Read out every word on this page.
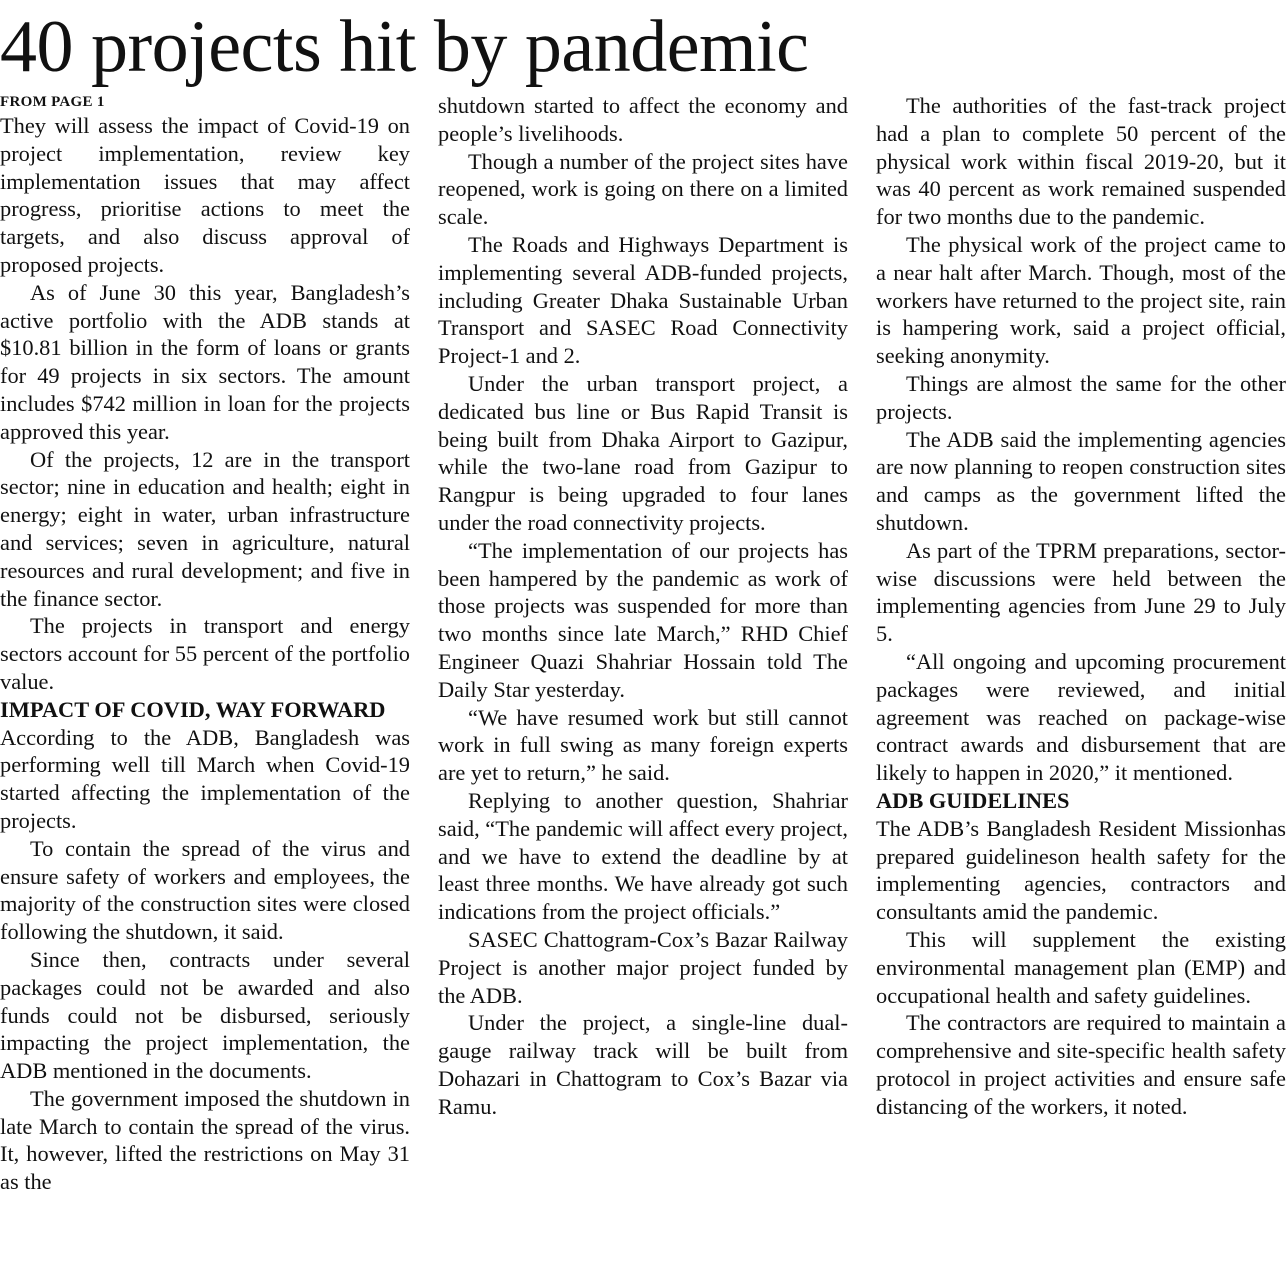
40 projects hit by pandemic

FROM PAGE 1

They will assess the impact of Covid-19 on project implementation, review key implementation issues that may affect progress, prioritise actions to meet the targets, and also discuss approval of proposed projects.

As of June 30 this year, Bangladesh’s active portfolio with the ADB stands at $10.81 billion in the form of loans or grants for 49 projects in six sectors. The amount includes $742 million in loan for the projects approved this year.

Of the projects, 12 are in the transport sector; nine in education and health; eight in energy; eight in water, urban infrastructure and services; seven in agriculture, natural resources and rural development; and five in the finance sector.

The projects in transport and energy sectors account for 55 percent of the portfolio value.

IMPACT OF COVID, WAY FORWARD

According to the ADB, Bangladesh was performing well till March when Covid-19 started affecting the implementation of the projects.

To contain the spread of the virus and ensure safety of workers and employees, the majority of the construction sites were closed following the shutdown, it said.

Since then, contracts under several packages could not be awarded and also funds could not be disbursed, seriously impacting the project implementation, the ADB mentioned in the documents.

The government imposed the shutdown in late March to contain the spread of the virus. It, however, lifted the restrictions on May 31 as the

shutdown started to affect the economy and people’s livelihoods.

Though a number of the project sites have reopened, work is going on there on a limited scale.

The Roads and Highways Department is implementing several ADB-funded projects, including Greater Dhaka Sustainable Urban Transport and SASEC Road Connectivity Project-1 and 2.

Under the urban transport project, a dedicated bus line or Bus Rapid Transit is being built from Dhaka Airport to Gazipur, while the two-lane road from Gazipur to Rangpur is being upgraded to four lanes under the road connectivity projects.

“The implementation of our projects has been hampered by the pandemic as work of those projects was suspended for more than two months since late March,” RHD Chief Engineer Quazi Shahriar Hossain told The Daily Star yesterday.

“We have resumed work but still cannot work in full swing as many foreign experts are yet to return,” he said.

Replying to another question, Shahriar said, “The pandemic will affect every project, and we have to extend the deadline by at least three months. We have already got such indications from the project officials.”

SASEC Chattogram-Cox’s Bazar Railway Project is another major project funded by the ADB.

Under the project, a single-line dual-gauge railway track will be built from Dohazari in Chattogram to Cox’s Bazar via Ramu.

The authorities of the fast-track project had a plan to complete 50 percent of the physical work within fiscal 2019-20, but it was 40 percent as work remained suspended for two months due to the pandemic.

The physical work of the project came to a near halt after March. Though, most of the workers have returned to the project site, rain is hampering work, said a project official, seeking anonymity.

Things are almost the same for the other projects.

The ADB said the implementing agencies are now planning to reopen construction sites and camps as the government lifted the shutdown.

As part of the TPRM preparations, sector-wise discussions were held between the implementing agencies from June 29 to July 5.

“All ongoing and upcoming procurement packages were reviewed, and initial agreement was reached on package-wise contract awards and disbursement that are likely to happen in 2020,” it mentioned.

ADB GUIDELINES

The ADB’s Bangladesh Resident Missionhas prepared guidelineson health safety for the implementing agencies, contractors and consultants amid the pandemic.

This will supplement the existing environmental management plan (EMP) and occupational health and safety guidelines.

The contractors are required to maintain a comprehensive and site-specific health safety protocol in project activities and ensure safe distancing of the workers, it noted.
